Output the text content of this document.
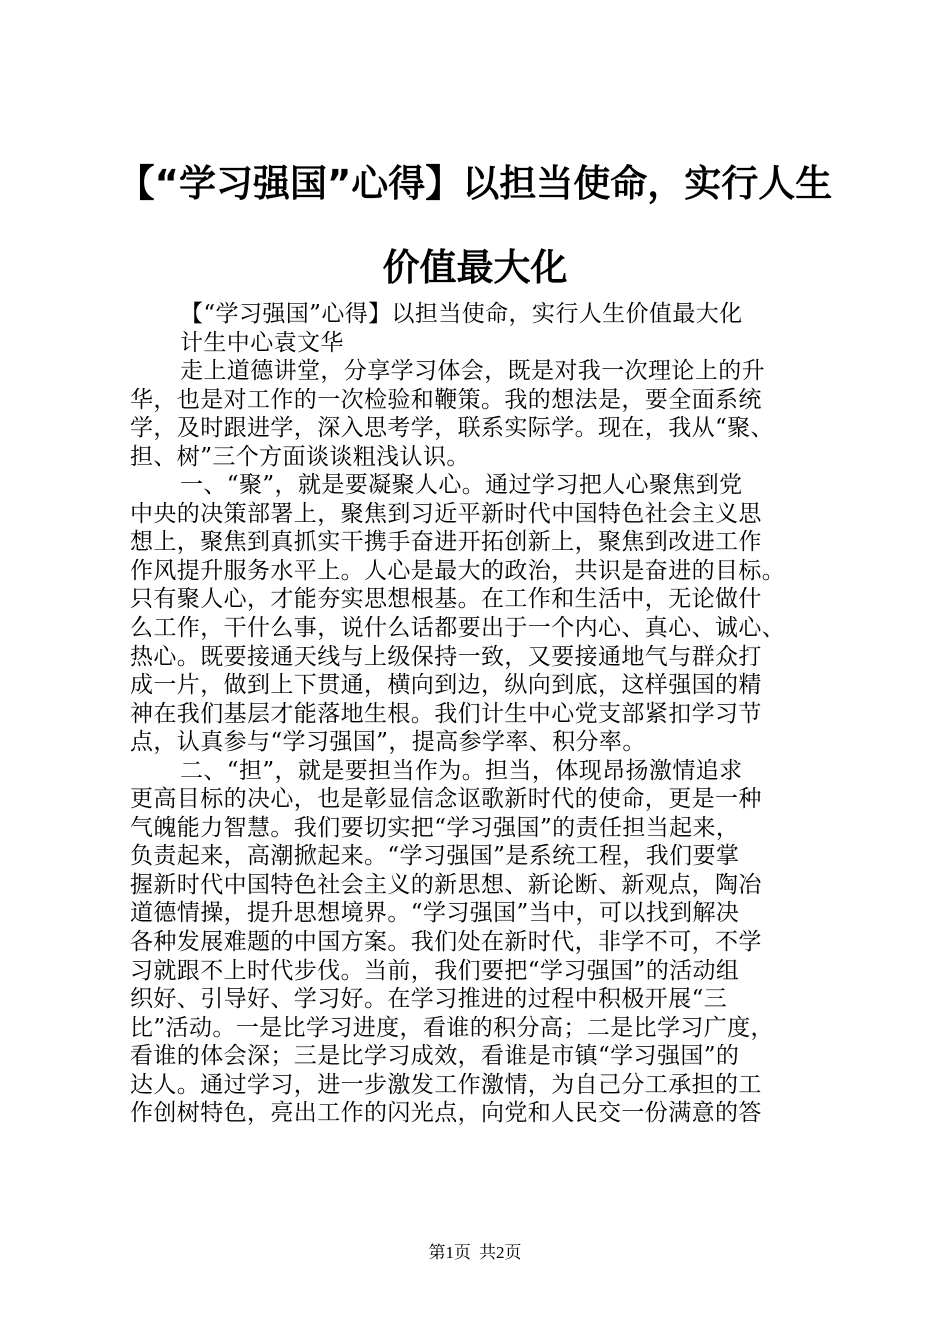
【“学习强国”心得】以担当使命，实行人生
价值最大化
【“学习强国”心得】以担当使命，实行人生价值最大化
计生中心袁文华
走上道德讲堂，分享学习体会，既是对我一次理论上的升
华，也是对工作的一次检验和鞭策。我的想法是，要全面系统
学，及时跟进学，深入思考学，联系实际学。现在，我从“聚、
担、树”三个方面谈谈粗浅认识。
一、“聚”，就是要凝聚人心。通过学习把人心聚焦到党
中央的决策部署上，聚焦到习近平新时代中国特色社会主义思
想上，聚焦到真抓实干携手奋进开拓创新上，聚焦到改进工作
作风提升服务水平上。人心是最大的政治，共识是奋进的目标。
只有聚人心，才能夯实思想根基。在工作和生活中，无论做什
么工作，干什么事，说什么话都要出于一个内心、真心、诚心、
热心。既要接通天线与上级保持一致，又要接通地气与群众打
成一片，做到上下贯通，横向到边，纵向到底，这样强国的精
神在我们基层才能落地生根。我们计生中心党支部紧扣学习节
点，认真参与“学习强国”，提高参学率、积分率。
二、“担”，就是要担当作为。担当，体现昂扬激情追求
更高目标的决心，也是彰显信念讴歌新时代的使命，更是一种
气魄能力智慧。我们要切实把“学习强国”的责任担当起来，
负责起来，高潮掀起来。“学习强国”是系统工程，我们要掌
握新时代中国特色社会主义的新思想、新论断、新观点，陶冶
道德情操，提升思想境界。“学习强国”当中，可以找到解决
各种发展难题的中国方案。我们处在新时代，非学不可，不学
习就跟不上时代步伐。当前，我们要把“学习强国”的活动组
织好、引导好、学习好。在学习推进的过程中积极开展“三
比”活动。一是比学习进度，看谁的积分高；二是比学习广度，
看谁的体会深；三是比学习成效，看谁是市镇“学习强国”的
达人。通过学习，进一步激发工作激情，为自己分工承担的工
作创树特色，亮出工作的闪光点，向党和人民交一份满意的答
第1页 共2页
